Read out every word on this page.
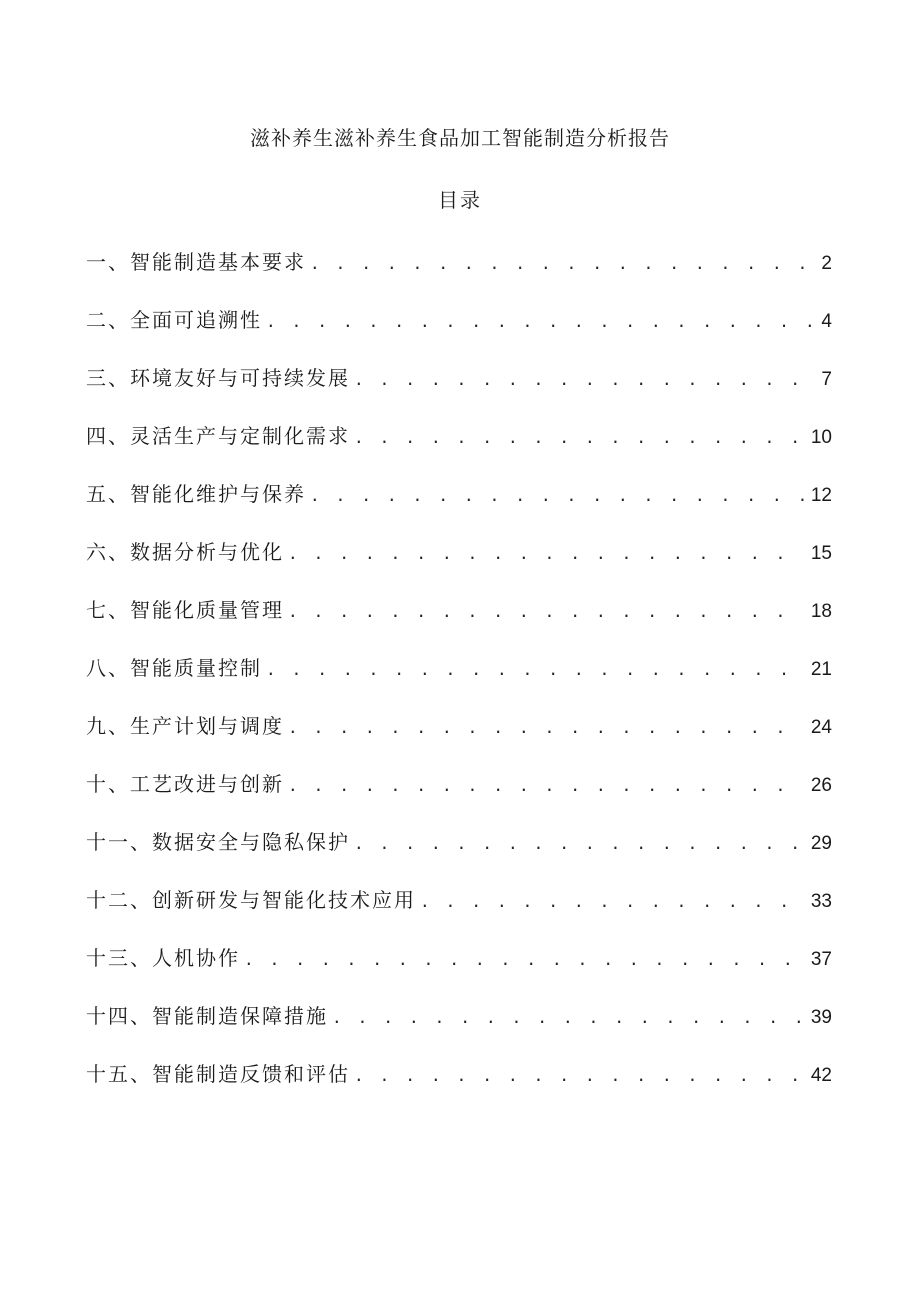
滋补养生滋补养生食品加工智能制造分析报告
目录
一、智能制造基本要求 . . .	2
二、全面可追溯性 . . .	4
三、环境友好与可持续发展 . . .	7
四、灵活生产与定制化需求 . . .	10
五、智能化维护与保养 . . .	12
六、数据分析与优化 . . .	15
七、智能化质量管理 . . .	18
八、智能质量控制 . . .	21
九、生产计划与调度 . . .	24
十、工艺改进与创新 . . .	26
十一、数据安全与隐私保护 . . .	29
十二、创新研发与智能化技术应用 . . .	33
十三、人机协作 . . .	37
十四、智能制造保障措施 . . .	39
十五、智能制造反馈和评估 . . .	42
